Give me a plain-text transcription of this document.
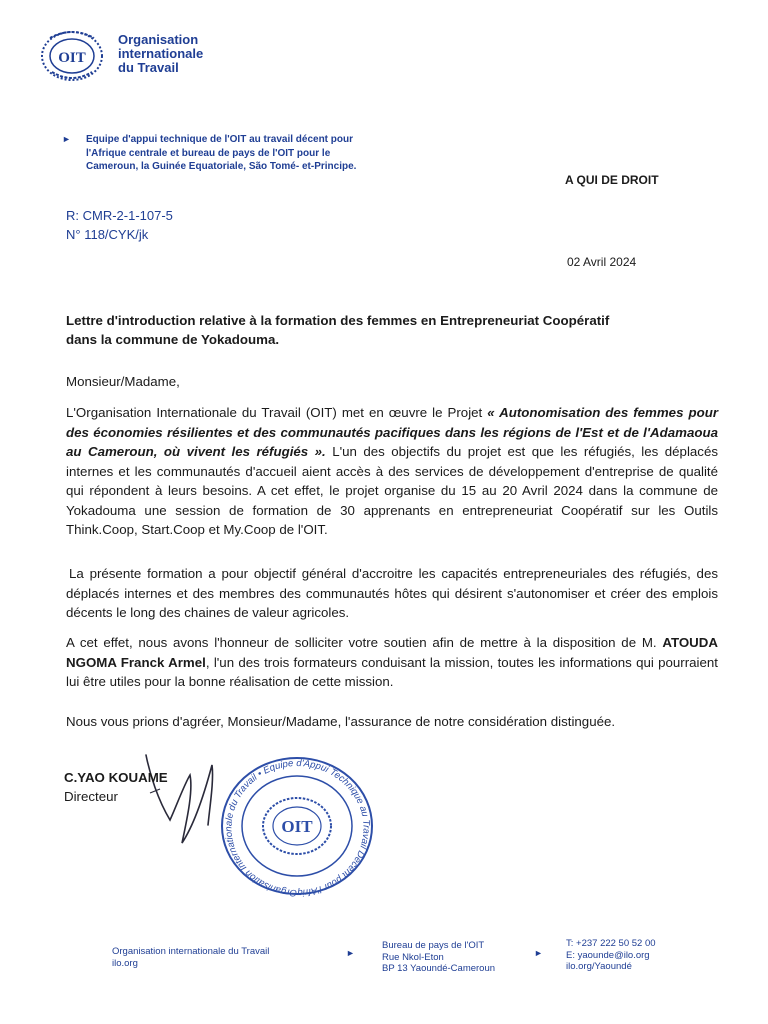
OIT
Organisation
internationale
du Travail
► Equipe d'appui technique de l'OIT au travail décent pour
l'Afrique centrale et bureau de pays de l'OIT pour le
Cameroun, la Guinée Equatoriale, São Tomé- et-Principe.
A QUI DE DROIT
R: CMR-2-1-107-5
N° 118/CYK/jk
02 Avril 2024
Lettre d'introduction relative à la formation des femmes en Entrepreneuriat Coopératif
dans la commune de Yokadouma.
Monsieur/Madame,
L'Organisation Internationale du Travail (OIT) met en œuvre le Projet « Autonomisation des femmes pour des économies résilientes et des communautés pacifiques dans les régions de l'Est et de l'Adamaoua au Cameroun, où vivent les réfugiés ». L'un des objectifs du projet est que les réfugiés, les déplacés internes et les communautés d'accueil aient accès à des services de développement d'entreprise de qualité qui répondent à leurs besoins. A cet effet, le projet organise du 15 au 20 Avril 2024 dans la commune de Yokadouma une session de formation de 30 apprenants en entrepreneuriat Coopératif sur les Outils Think.Coop, Start.Coop et My.Coop de l'OIT.
La présente formation a pour objectif général d'accroitre les capacités entrepreneuriales des réfugiés, des déplacés internes et des membres des communautés hôtes qui désirent s'autonomiser et créer des emplois décents le long des chaines de valeur agricoles.
A cet effet, nous avons l'honneur de solliciter votre soutien afin de mettre à la disposition de M. ATOUDA NGOMA Franck Armel, l'un des trois formateurs conduisant la mission, toutes les informations qui pourraient lui être utiles pour la bonne réalisation de cette mission.
Nous vous prions d'agréer, Monsieur/Madame, l'assurance de notre considération distinguée.
Organisation Internationale du Travail • Equipe d'Appui Technique au Travail Décent pour l'Afriq
OIT
C.YAO KOUAME
Directeur
Organisation internationale du Travail
ilo.org
►
Bureau de pays de l'OIT
Rue Nkol-Eton
BP 13 Yaoundé-Cameroun
►
T: +237 222 50 52 00
E: yaounde@ilo.org
ilo.org/Yaoundé
